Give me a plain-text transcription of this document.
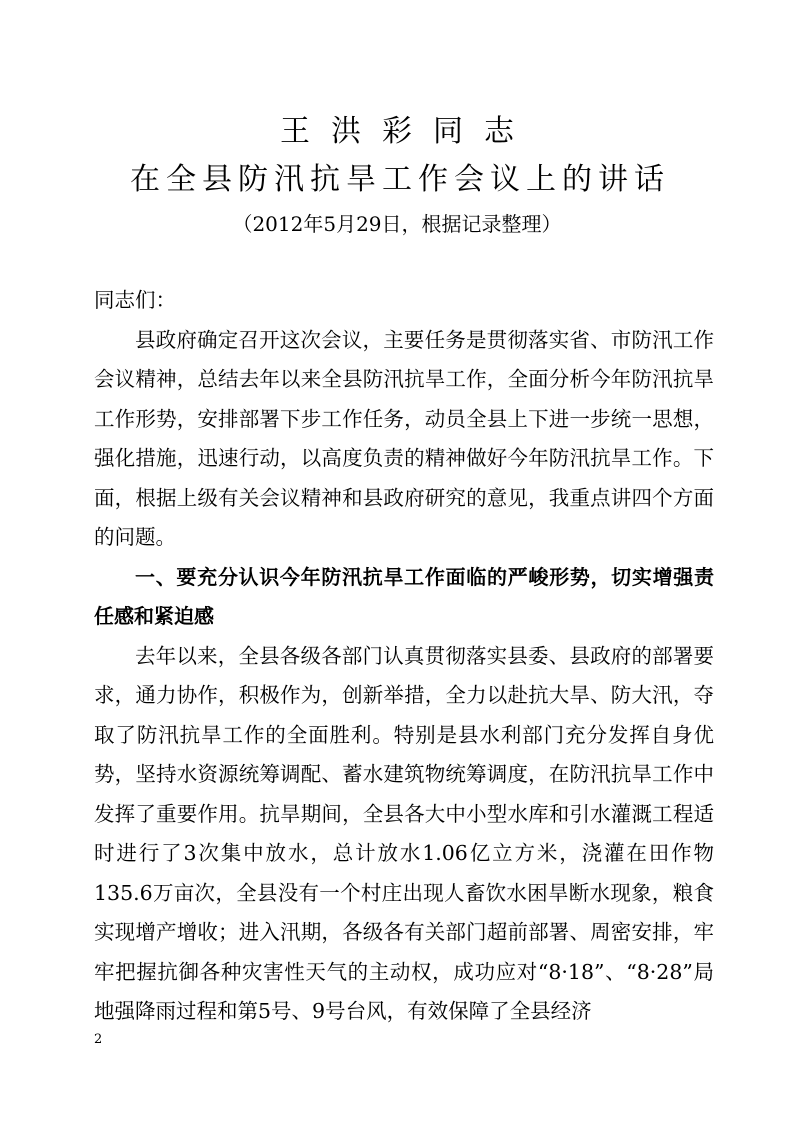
王洪彩同志
在全县防汛抗旱工作会议上的讲话
（2012年5月29日，根据记录整理）

同志们：

县政府确定召开这次会议，主要任务是贯彻落实省、市防汛工作会议精神，总结去年以来全县防汛抗旱工作，全面分析今年防汛抗旱工作形势，安排部署下步工作任务，动员全县上下进一步统一思想，强化措施，迅速行动，以高度负责的精神做好今年防汛抗旱工作。下面，根据上级有关会议精神和县政府研究的意见，我重点讲四个方面的问题。

一、要充分认识今年防汛抗旱工作面临的严峻形势，切实增强责任感和紧迫感

去年以来，全县各级各部门认真贯彻落实县委、县政府的部署要求，通力协作，积极作为，创新举措，全力以赴抗大旱、防大汛，夺取了防汛抗旱工作的全面胜利。特别是县水利部门充分发挥自身优势，坚持水资源统筹调配、蓄水建筑物统筹调度，在防汛抗旱工作中发挥了重要作用。抗旱期间，全县各大中小型水库和引水灌溉工程适时进行了3次集中放水，总计放水1.06亿立方米，浇灌在田作物135.6万亩次，全县没有一个村庄出现人畜饮水困旱断水现象，粮食实现增产增收；进入汛期，各级各有关部门超前部署、周密安排，牢牢把握抗御各种灾害性天气的主动权，成功应对“8·18”、“8·28”局地强降雨过程和第5号、9号台风，有效保障了全县经济

2
